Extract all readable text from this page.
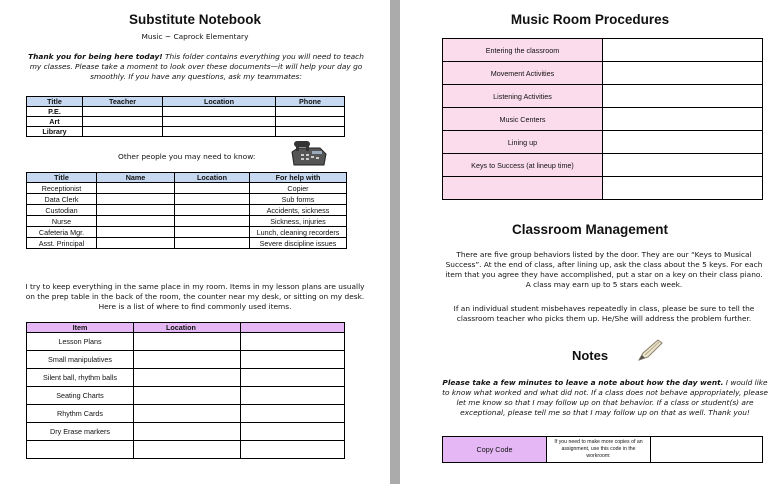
Substitute Notebook
Music ~ Caprock Elementary
Thank you for being here today! This folder contains everything you will need to teach my classes. Please take a moment to look over these documents—it will help your day go smoothly. If you have any questions, ask my teammates:
Title	Teacher	Location	Phone
P.E.			
Art			
Library			
Other people you may need to know:
Title	Name	Location	For help with
Receptionist			Copier
Data Clerk			Sub forms
Custodian			Accidents, sickness
Nurse			Sickness, injuries
Cafeteria Mgr.			Lunch, cleaning recorders
Asst. Principal			Severe discipline issues
I try to keep everything in the same place in my room. Items in my lesson plans are usually on the prep table in the back of the room, the counter near my desk, or sitting on my desk. Here is a list of where to find commonly used items.
Item	Location	
Lesson Plans		
Small manipulatives		
Silent ball, rhythm balls		
Seating Charts		
Rhythm Cards		
Dry Erase markers		

Music Room Procedures
Entering the classroom	
Movement Activities	
Listening Activities	
Music Centers	
Lining up	
Keys to Success (at lineup time)	

Classroom Management
There are five group behaviors listed by the door. They are our “Keys to Musical Success”. At the end of class, after lining up, ask the class about the 5 keys. For each item that you agree they have accomplished, put a star on a key on their class piano. A class may earn up to 5 stars each week.
If an individual student misbehaves repeatedly in class, please be sure to tell the classroom teacher who picks them up. He/She will address the problem further.
Notes
Please take a few minutes to leave a note about how the day went. I would like to know what worked and what did not. If a class does not behave appropriately, please let me know so that I may follow up on that behavior. If a class or student(s) are exceptional, please tell me so that I may follow up on that as well. Thank you!
Copy Code	If you need to make more copies of an assignment, use this code in the workroom:	
